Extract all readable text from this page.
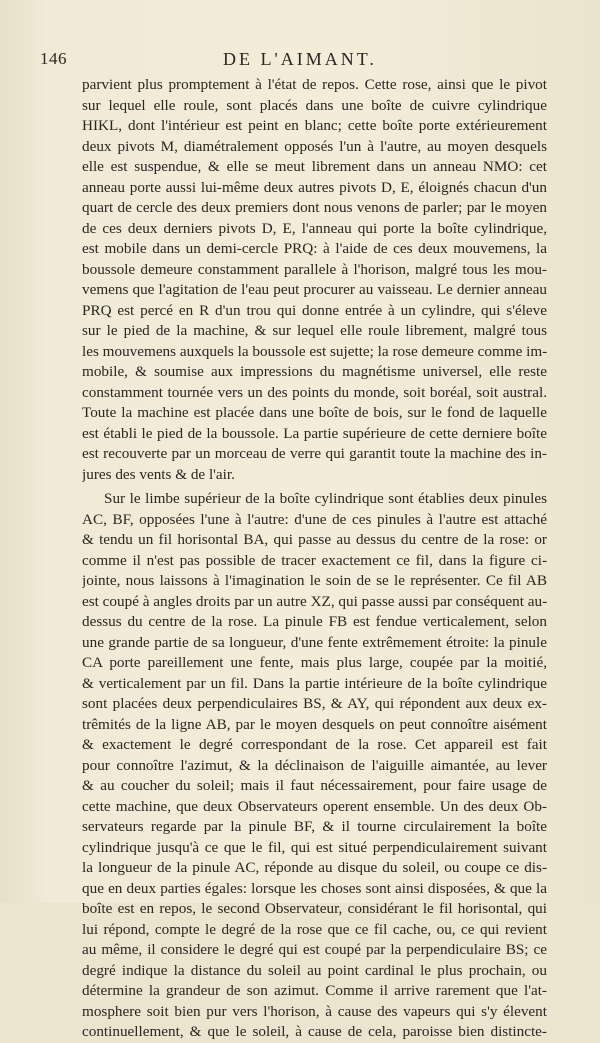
146	DE L'AIMANT.
parvient plus promptement à l'état de repos. Cette rose, ainsi que le pivot
sur lequel elle roule, sont placés dans une boîte de cuivre cylindrique
HIKL, dont l'intérieur est peint en blanc; cette boîte porte extérieurement
deux pivots M, diamétralement opposés l'un à l'autre, au moyen desquels
elle est suspendue, & elle se meut librement dans un anneau NMO: cet
anneau porte aussi lui-même deux autres pivots D, E, éloignés chacun d'un
quart de cercle des deux premiers dont nous venons de parler; par le moyen
de ces deux derniers pivots D, E, l'anneau qui porte la boîte cylindrique,
est mobile dans un demi-cercle PRQ: à l'aide de ces deux mouvemens, la
boussole demeure constamment parallele à l'horison, malgré tous les mou-
vemens que l'agitation de l'eau peut procurer au vaisseau. Le dernier anneau
PRQ est percé en R d'un trou qui donne entrée à un cylindre, qui s'éleve
sur le pied de la machine, & sur lequel elle roule librement, malgré tous
les mouvemens auxquels la boussole est sujette; la rose demeure comme im-
mobile, & soumise aux impressions du magnétisme universel, elle reste
constamment tournée vers un des points du monde, soit boréal, soit austral.
Toute la machine est placée dans une boîte de bois, sur le fond de laquelle
est établi le pied de la boussole. La partie supérieure de cette derniere boîte
est recouverte par un morceau de verre qui garantit toute la machine des in-
jures des vents & de l'air.
Sur le limbe supérieur de la boîte cylindrique sont établies deux pinules
AC, BF, opposées l'une à l'autre: d'une de ces pinules à l'autre est attaché
& tendu un fil horisontal BA, qui passe au dessus du centre de la rose: or
comme il n'est pas possible de tracer exactement ce fil, dans la figure ci-
jointe, nous laissons à l'imagination le soin de se le représenter. Ce fil AB
est coupé à angles droits par un autre XZ, qui passe aussi par conséquent au-
dessus du centre de la rose. La pinule FB est fendue verticalement, selon
une grande partie de sa longueur, d'une fente extrêmement étroite: la pinule
CA porte pareillement une fente, mais plus large, coupée par la moitié,
& verticalement par un fil. Dans la partie intérieure de la boîte cylindrique
sont placées deux perpendiculaires BS, & AY, qui répondent aux deux ex-
trêmités de la ligne AB, par le moyen desquels on peut connoître aisément
& exactement le degré correspondant de la rose. Cet appareil est fait
pour connoître l'azimut, & la déclinaison de l'aiguille aimantée, au lever
& au coucher du soleil; mais il faut nécessairement, pour faire usage de
cette machine, que deux Observateurs operent ensemble. Un des deux Ob-
servateurs regarde par la pinule BF, & il tourne circulairement la boîte
cylindrique jusqu'à ce que le fil, qui est situé perpendiculairement suivant
la longueur de la pinule AC, réponde au disque du soleil, ou coupe ce dis-
que en deux parties égales: lorsque les choses sont ainsi disposées, & que la
boîte est en repos, le second Observateur, considérant le fil horisontal, qui
lui répond, compte le degré de la rose que ce fil cache, ou, ce qui revient
au même, il considere le degré qui est coupé par la perpendiculaire BS; ce
degré indique la distance du soleil au point cardinal le plus prochain, ou
détermine la grandeur de son azimut. Comme il arrive rarement que l'at-
mosphere soit bien pur vers l'horison, à cause des vapeurs qui s'y élevent
continuellement, & que le soleil, à cause de cela, paroisse bien distincte-
